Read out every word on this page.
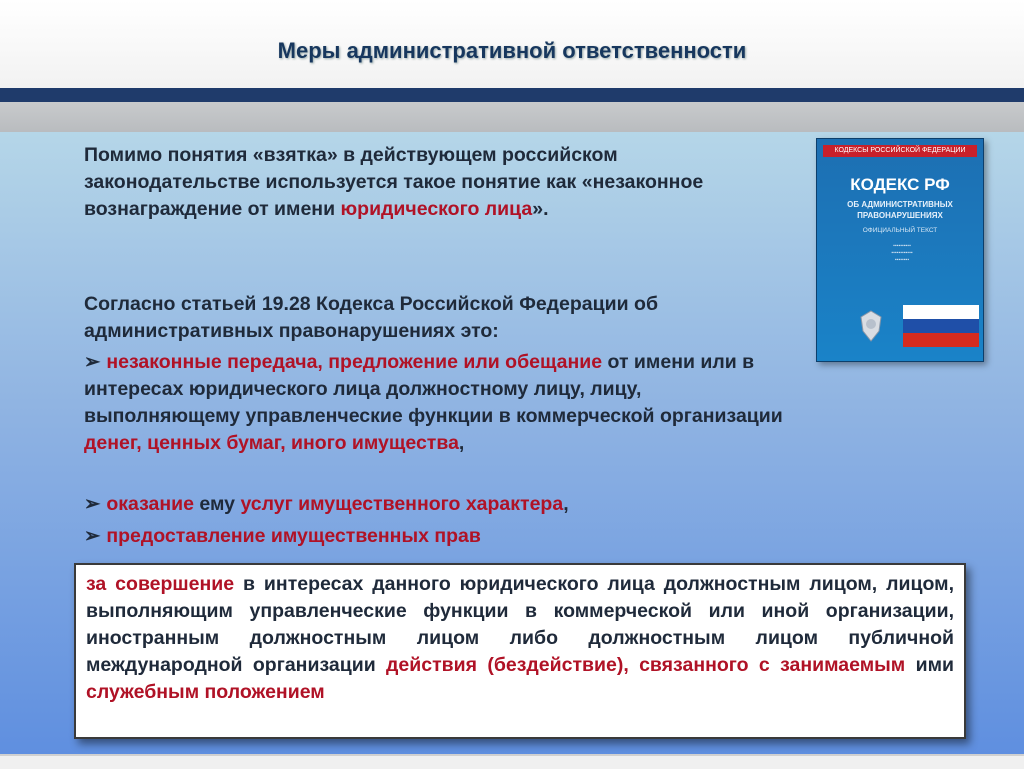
Меры административной ответственности
Помимо понятия «взятка» в действующем российском законодательстве используется такое понятие как «незаконное вознаграждение от имени юридического лица».
Согласно статьей 19.28 Кодекса Российской Федерации об административных правонарушениях это:
➢ незаконные передача, предложение или обещание от имени или в интересах юридического лица должностному лицу, лицу, выполняющему управленческие функции в коммерческой организации денег, ценных бумаг, иного имущества,
➢ оказание ему услуг имущественного характера,
➢ предоставление имущественных прав
КОДЕКСЫ РОССИЙСКОЙ ФЕДЕРАЦИИ
КОДЕКС РФ
ОБ АДМИНИСТРАТИВНЫХ
ПРАВОНАРУШЕНИЯХ
ОФИЦИАЛЬНЫЙ ТЕКСТ
▪▪▪▪▪▪▪▪▪▪
▪▪▪▪▪▪▪▪▪▪▪▪
▪▪▪▪▪▪▪▪
за совершение в интересах данного юридического лица должностным лицом, лицом, выполняющим управленческие функции в коммерческой или иной организации, иностранным должностным лицом либо должностным лицом публичной международной организации действия (бездействие), связанного с занимаемым ими служебным положением
